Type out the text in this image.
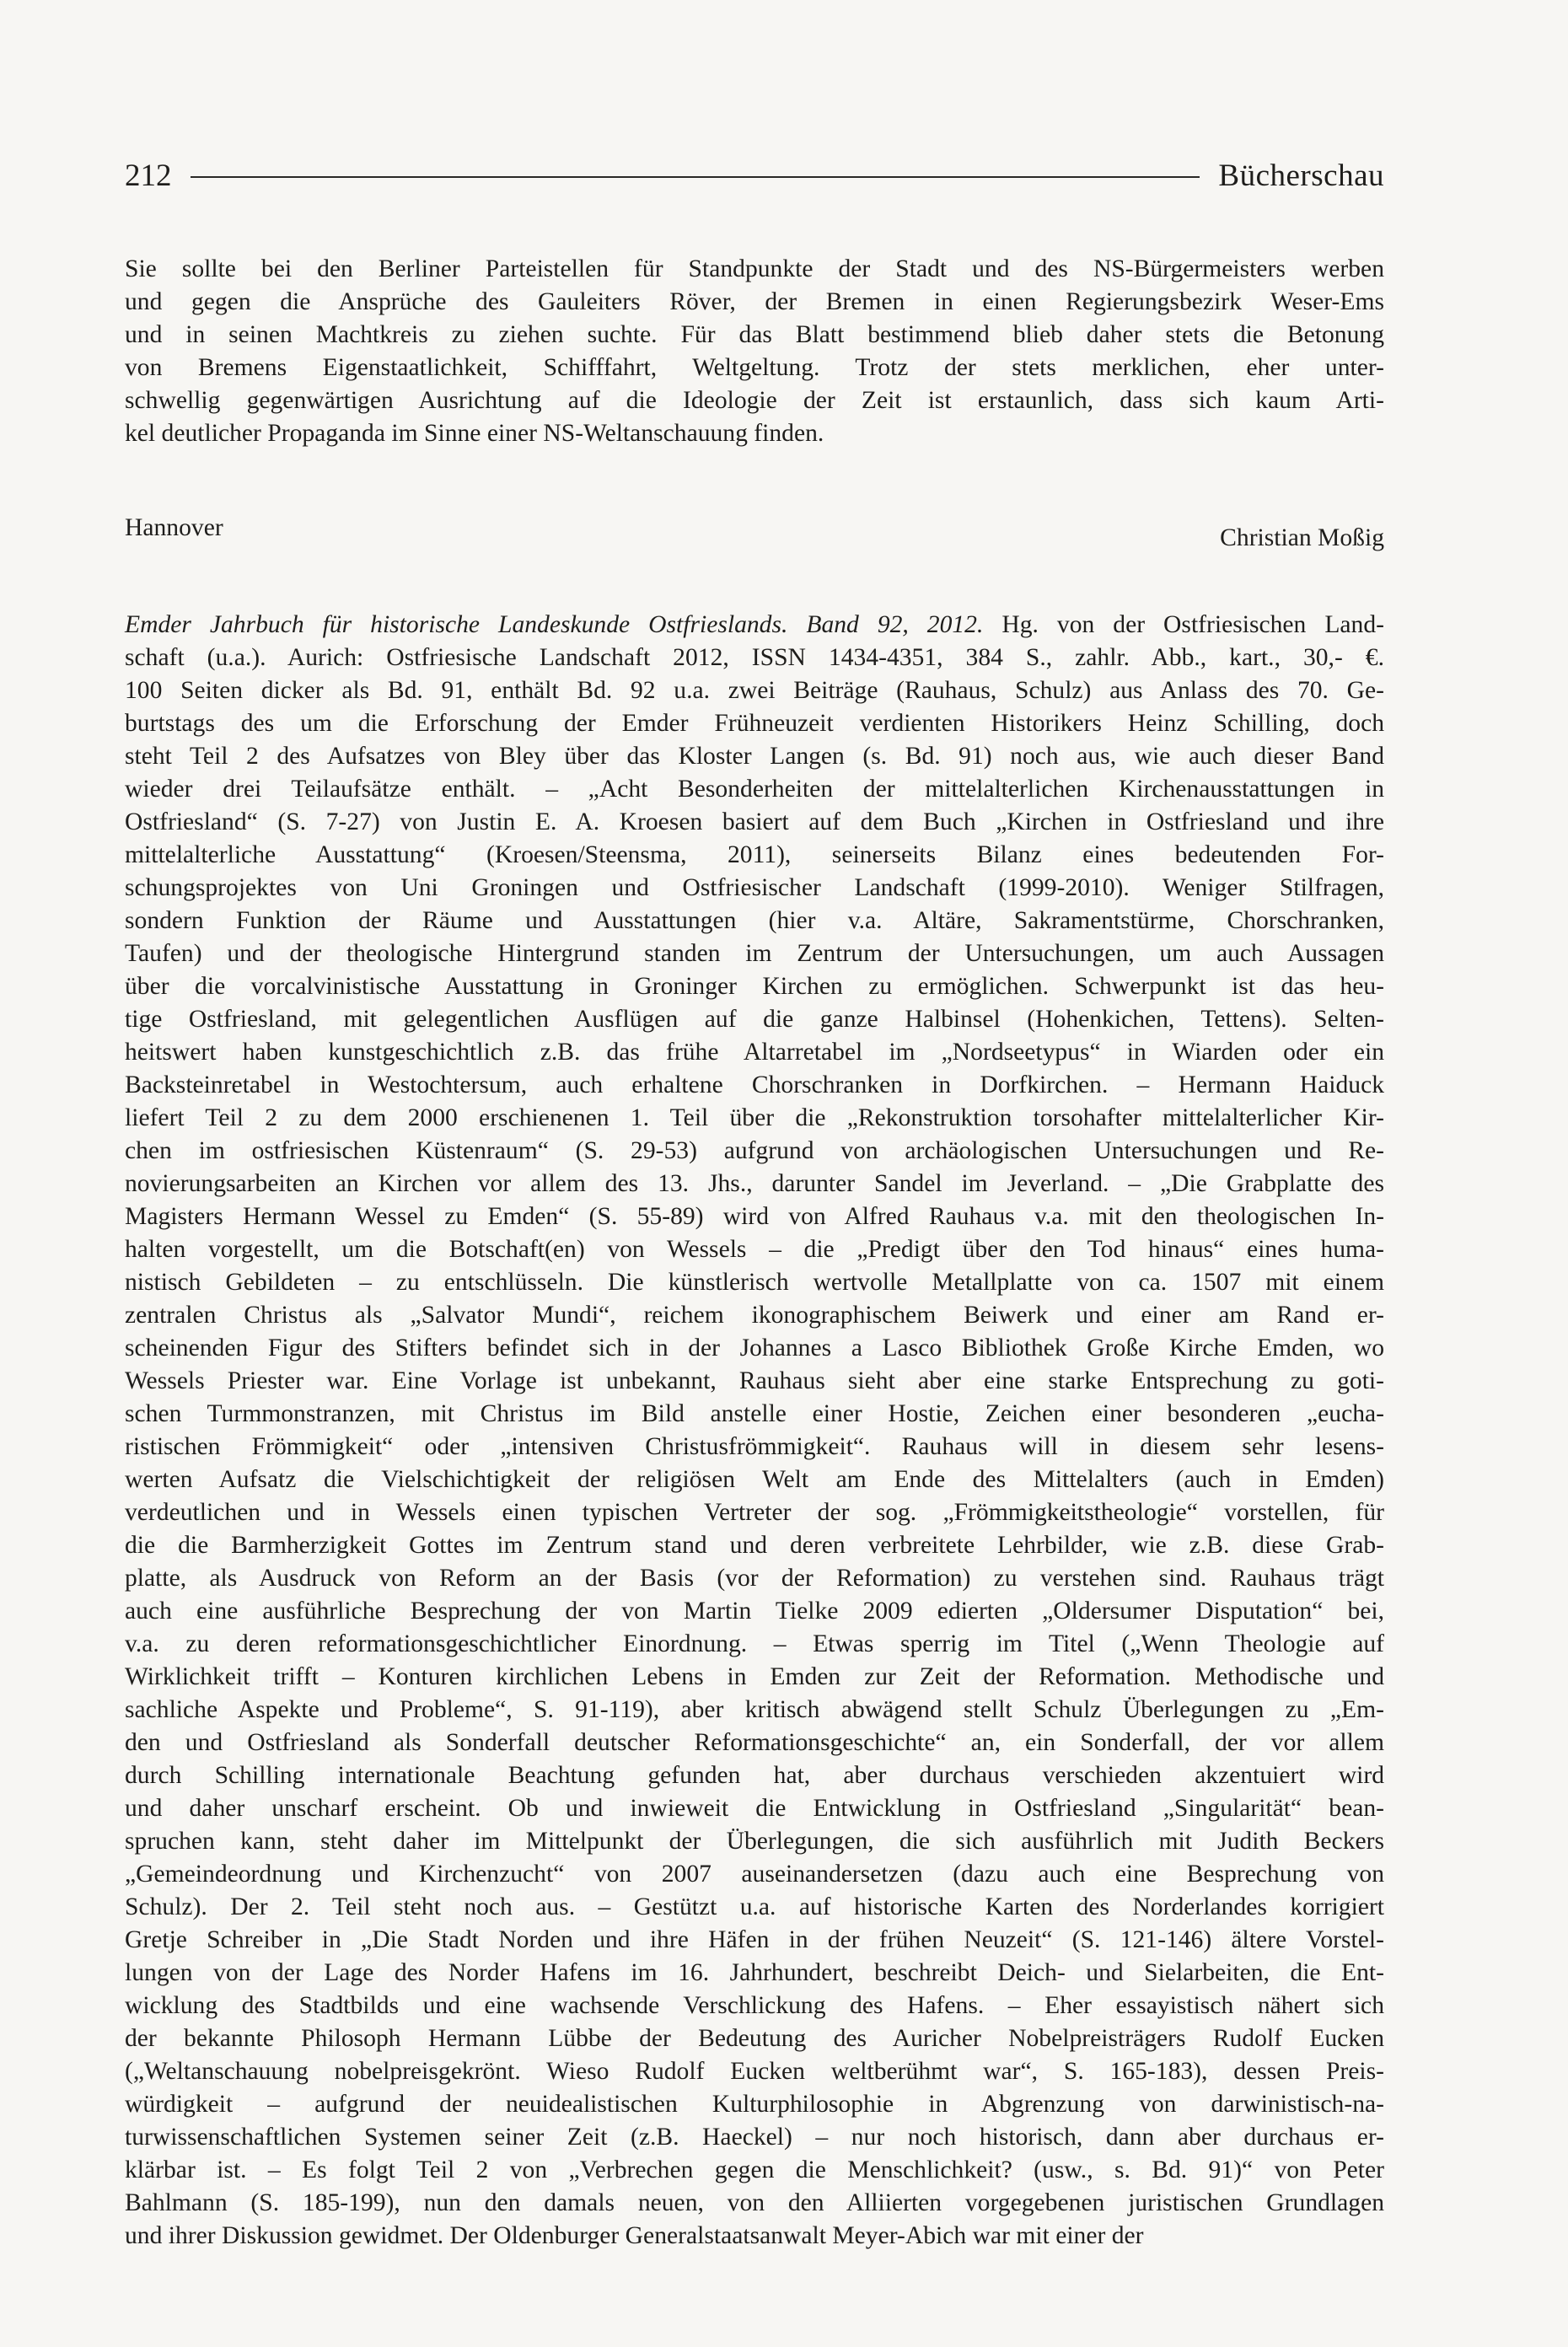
212	Bücherschau
Sie sollte bei den Berliner Parteistellen für Standpunkte der Stadt und des NS-Bürgermeisters werben
und gegen die Ansprüche des Gauleiters Röver, der Bremen in einen Regierungsbezirk Weser-Ems
und in seinen Machtkreis zu ziehen suchte. Für das Blatt bestimmend blieb daher stets die Betonung
von Bremens Eigenstaatlichkeit, Schifffahrt, Weltgeltung. Trotz der stets merklichen, eher unter-
schwellig gegenwärtigen Ausrichtung auf die Ideologie der Zeit ist erstaunlich, dass sich kaum Arti-
kel deutlicher Propaganda im Sinne einer NS-Weltanschauung finden.
Hannover	Christian Moßig
Emder Jahrbuch für historische Landeskunde Ostfrieslands. Band 92, 2012. Hg. von der Ostfriesischen Land-
schaft (u.a.). Aurich: Ostfriesische Landschaft 2012, ISSN 1434-4351, 384 S., zahlr. Abb., kart., 30,- €.
100 Seiten dicker als Bd. 91, enthält Bd. 92 u.a. zwei Beiträge (Rauhaus, Schulz) aus Anlass des 70. Ge-
burtstags des um die Erforschung der Emder Frühneuzeit verdienten Historikers Heinz Schilling, doch
steht Teil 2 des Aufsatzes von Bley über das Kloster Langen (s. Bd. 91) noch aus, wie auch dieser Band
wieder drei Teilaufsätze enthält. – „Acht Besonderheiten der mittelalterlichen Kirchenausstattungen in
Ostfriesland“ (S. 7-27) von Justin E. A. Kroesen basiert auf dem Buch „Kirchen in Ostfriesland und ihre
mittelalterliche Ausstattung“ (Kroesen/Steensma, 2011), seinerseits Bilanz eines bedeutenden For-
schungsprojektes von Uni Groningen und Ostfriesischer Landschaft (1999-2010). Weniger Stilfragen,
sondern Funktion der Räume und Ausstattungen (hier v.a. Altäre, Sakramentstürme, Chorschranken,
Taufen) und der theologische Hintergrund standen im Zentrum der Untersuchungen, um auch Aussagen
über die vorcalvinistische Ausstattung in Groninger Kirchen zu ermöglichen. Schwerpunkt ist das heu-
tige Ostfriesland, mit gelegentlichen Ausflügen auf die ganze Halbinsel (Hohenkichen, Tettens). Selten-
heitswert haben kunstgeschichtlich z.B. das frühe Altarretabel im „Nordseetypus“ in Wiarden oder ein
Backsteinretabel in Westochtersum, auch erhaltene Chorschranken in Dorfkirchen. – Hermann Haiduck
liefert Teil 2 zu dem 2000 erschienenen 1. Teil über die „Rekonstruktion torsohafter mittelalterlicher Kir-
chen im ostfriesischen Küstenraum“ (S. 29-53) aufgrund von archäologischen Untersuchungen und Re-
novierungsarbeiten an Kirchen vor allem des 13. Jhs., darunter Sandel im Jeverland. – „Die Grabplatte des
Magisters Hermann Wessel zu Emden“ (S. 55-89) wird von Alfred Rauhaus v.a. mit den theologischen In-
halten vorgestellt, um die Botschaft(en) von Wessels – die „Predigt über den Tod hinaus“ eines huma-
nistisch Gebildeten – zu entschlüsseln. Die künstlerisch wertvolle Metallplatte von ca. 1507 mit einem
zentralen Christus als „Salvator Mundi“, reichem ikonographischem Beiwerk und einer am Rand er-
scheinenden Figur des Stifters befindet sich in der Johannes a Lasco Bibliothek Große Kirche Emden, wo
Wessels Priester war. Eine Vorlage ist unbekannt, Rauhaus sieht aber eine starke Entsprechung zu goti-
schen Turmmonstranzen, mit Christus im Bild anstelle einer Hostie, Zeichen einer besonderen „eucha-
ristischen Frömmigkeit“ oder „intensiven Christusfrömmigkeit“. Rauhaus will in diesem sehr lesens-
werten Aufsatz die Vielschichtigkeit der religiösen Welt am Ende des Mittelalters (auch in Emden)
verdeutlichen und in Wessels einen typischen Vertreter der sog. „Frömmigkeitstheologie“ vorstellen, für
die die Barmherzigkeit Gottes im Zentrum stand und deren verbreitete Lehrbilder, wie z.B. diese Grab-
platte, als Ausdruck von Reform an der Basis (vor der Reformation) zu verstehen sind. Rauhaus trägt
auch eine ausführliche Besprechung der von Martin Tielke 2009 edierten „Oldersumer Disputation“ bei,
v.a. zu deren reformationsgeschichtlicher Einordnung. – Etwas sperrig im Titel („Wenn Theologie auf
Wirklichkeit trifft – Konturen kirchlichen Lebens in Emden zur Zeit der Reformation. Methodische und
sachliche Aspekte und Probleme“, S. 91-119), aber kritisch abwägend stellt Schulz Überlegungen zu „Em-
den und Ostfriesland als Sonderfall deutscher Reformationsgeschichte“ an, ein Sonderfall, der vor allem
durch Schilling internationale Beachtung gefunden hat, aber durchaus verschieden akzentuiert wird
und daher unscharf erscheint. Ob und inwieweit die Entwicklung in Ostfriesland „Singularität“ bean-
spruchen kann, steht daher im Mittelpunkt der Überlegungen, die sich ausführlich mit Judith Beckers
„Gemeindeordnung und Kirchenzucht“ von 2007 auseinandersetzen (dazu auch eine Besprechung von
Schulz). Der 2. Teil steht noch aus. – Gestützt u.a. auf historische Karten des Norderlandes korrigiert
Gretje Schreiber in „Die Stadt Norden und ihre Häfen in der frühen Neuzeit“ (S. 121-146) ältere Vorstel-
lungen von der Lage des Norder Hafens im 16. Jahrhundert, beschreibt Deich- und Sielarbeiten, die Ent-
wicklung des Stadtbilds und eine wachsende Verschlickung des Hafens. – Eher essayistisch nähert sich
der bekannte Philosoph Hermann Lübbe der Bedeutung des Auricher Nobelpreisträgers Rudolf Eucken
(„Weltanschauung nobelpreisgekrönt. Wieso Rudolf Eucken weltberühmt war“, S. 165-183), dessen Preis-
würdigkeit – aufgrund der neuidealistischen Kulturphilosophie in Abgrenzung von darwinistisch-na-
turwissenschaftlichen Systemen seiner Zeit (z.B. Haeckel) – nur noch historisch, dann aber durchaus er-
klärbar ist. – Es folgt Teil 2 von „Verbrechen gegen die Menschlichkeit? (usw., s. Bd. 91)“ von Peter
Bahlmann (S. 185-199), nun den damals neuen, von den Alliierten vorgegebenen juristischen Grundlagen
und ihrer Diskussion gewidmet. Der Oldenburger Generalstaatsanwalt Meyer-Abich war mit einer der
